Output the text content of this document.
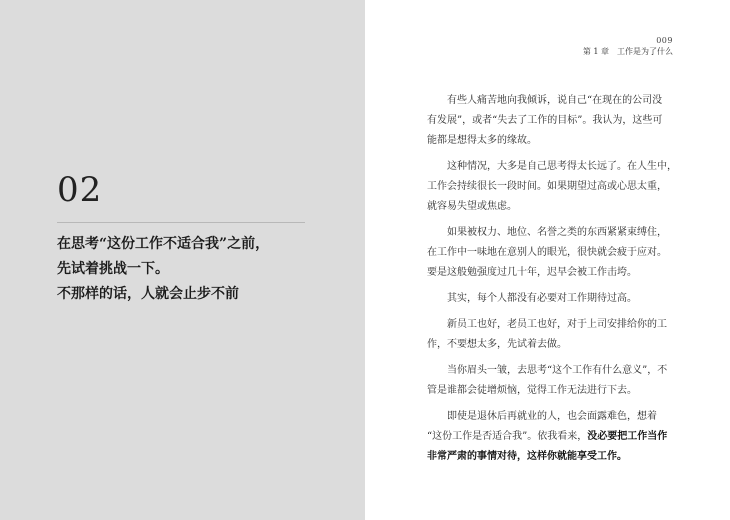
02
在思考“这份工作不适合我”之前，
先试着挑战一下。
不那样的话，人就会止步不前
009
第 1 章 工作是为了什么
　　有些人痛苦地向我倾诉，说自己“在现在的公司没
有发展”，或者“失去了工作的目标”。我认为，这些可
能都是想得太多的缘故。
　　这种情况，大多是自己思考得太长远了。在人生中，
工作会持续很长一段时间。如果期望过高或心思太重，
就容易失望或焦虑。
　　如果被权力、地位、名誉之类的东西紧紧束缚住，
在工作中一味地在意别人的眼光，很快就会疲于应对。
要是这般勉强度过几十年，迟早会被工作击垮。
　　其实，每个人都没有必要对工作期待过高。
　　新员工也好，老员工也好，对于上司安排给你的工
作，不要想太多，先试着去做。
　　当你眉头一皱，去思考“这个工作有什么意义”，不
管是谁都会徒增烦恼，觉得工作无法进行下去。
　　即使是退休后再就业的人，也会面露难色，想着
“这份工作是否适合我”。依我看来，没必要把工作当作
非常严肃的事情对待，这样你就能享受工作。
